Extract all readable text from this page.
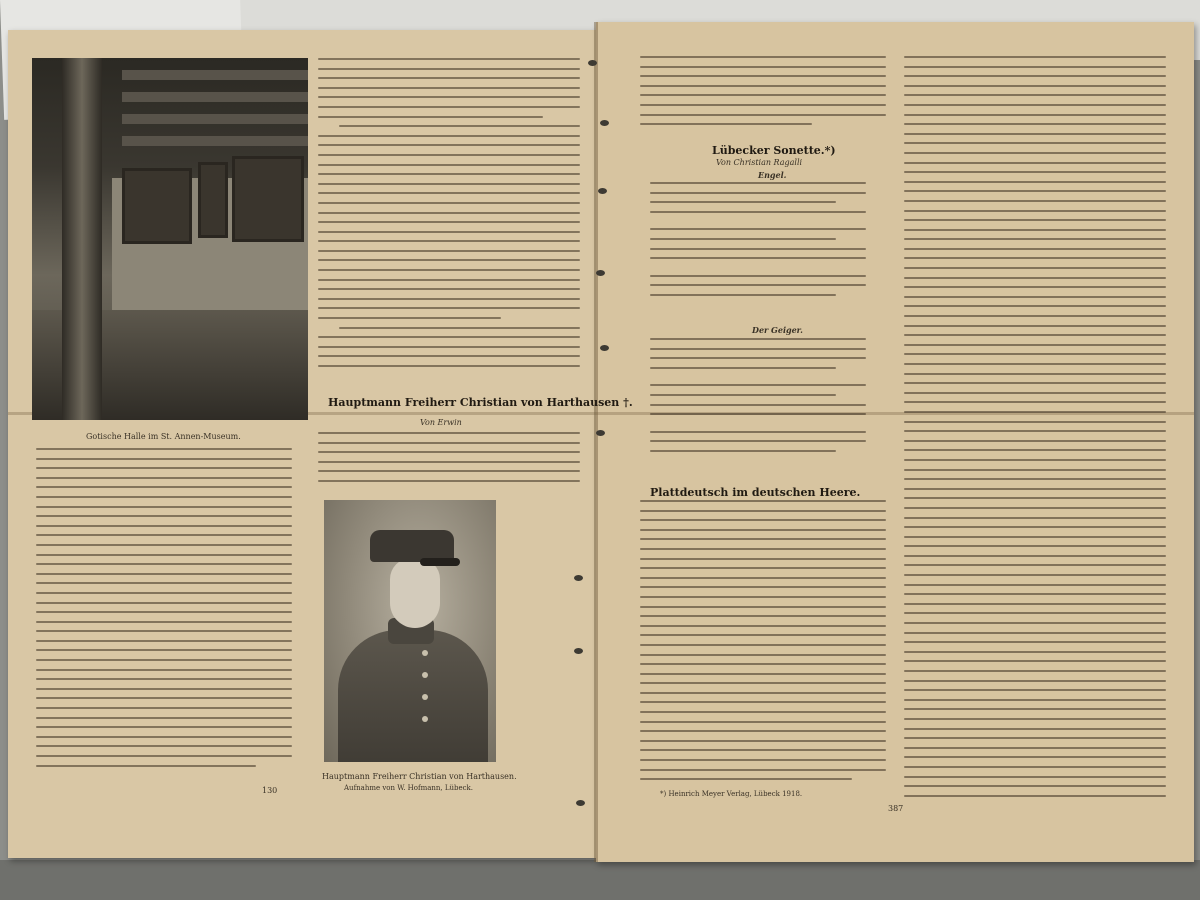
Gotische Halle im St. Annen-Museum.
Hauptmann Freiherr Christian von Harthausen †.
Von Erwin
Hauptmann Freiherr Christian von Harthausen.
Aufnahme von W. Hofmann, Lübeck.
130
Lübecker Sonette.*)
Von Christian Ragalli
Engel.
Der Geiger.
Plattdeutsch im deutschen Heere.
*) Heinrich Meyer Verlag, Lübeck 1918.
387
